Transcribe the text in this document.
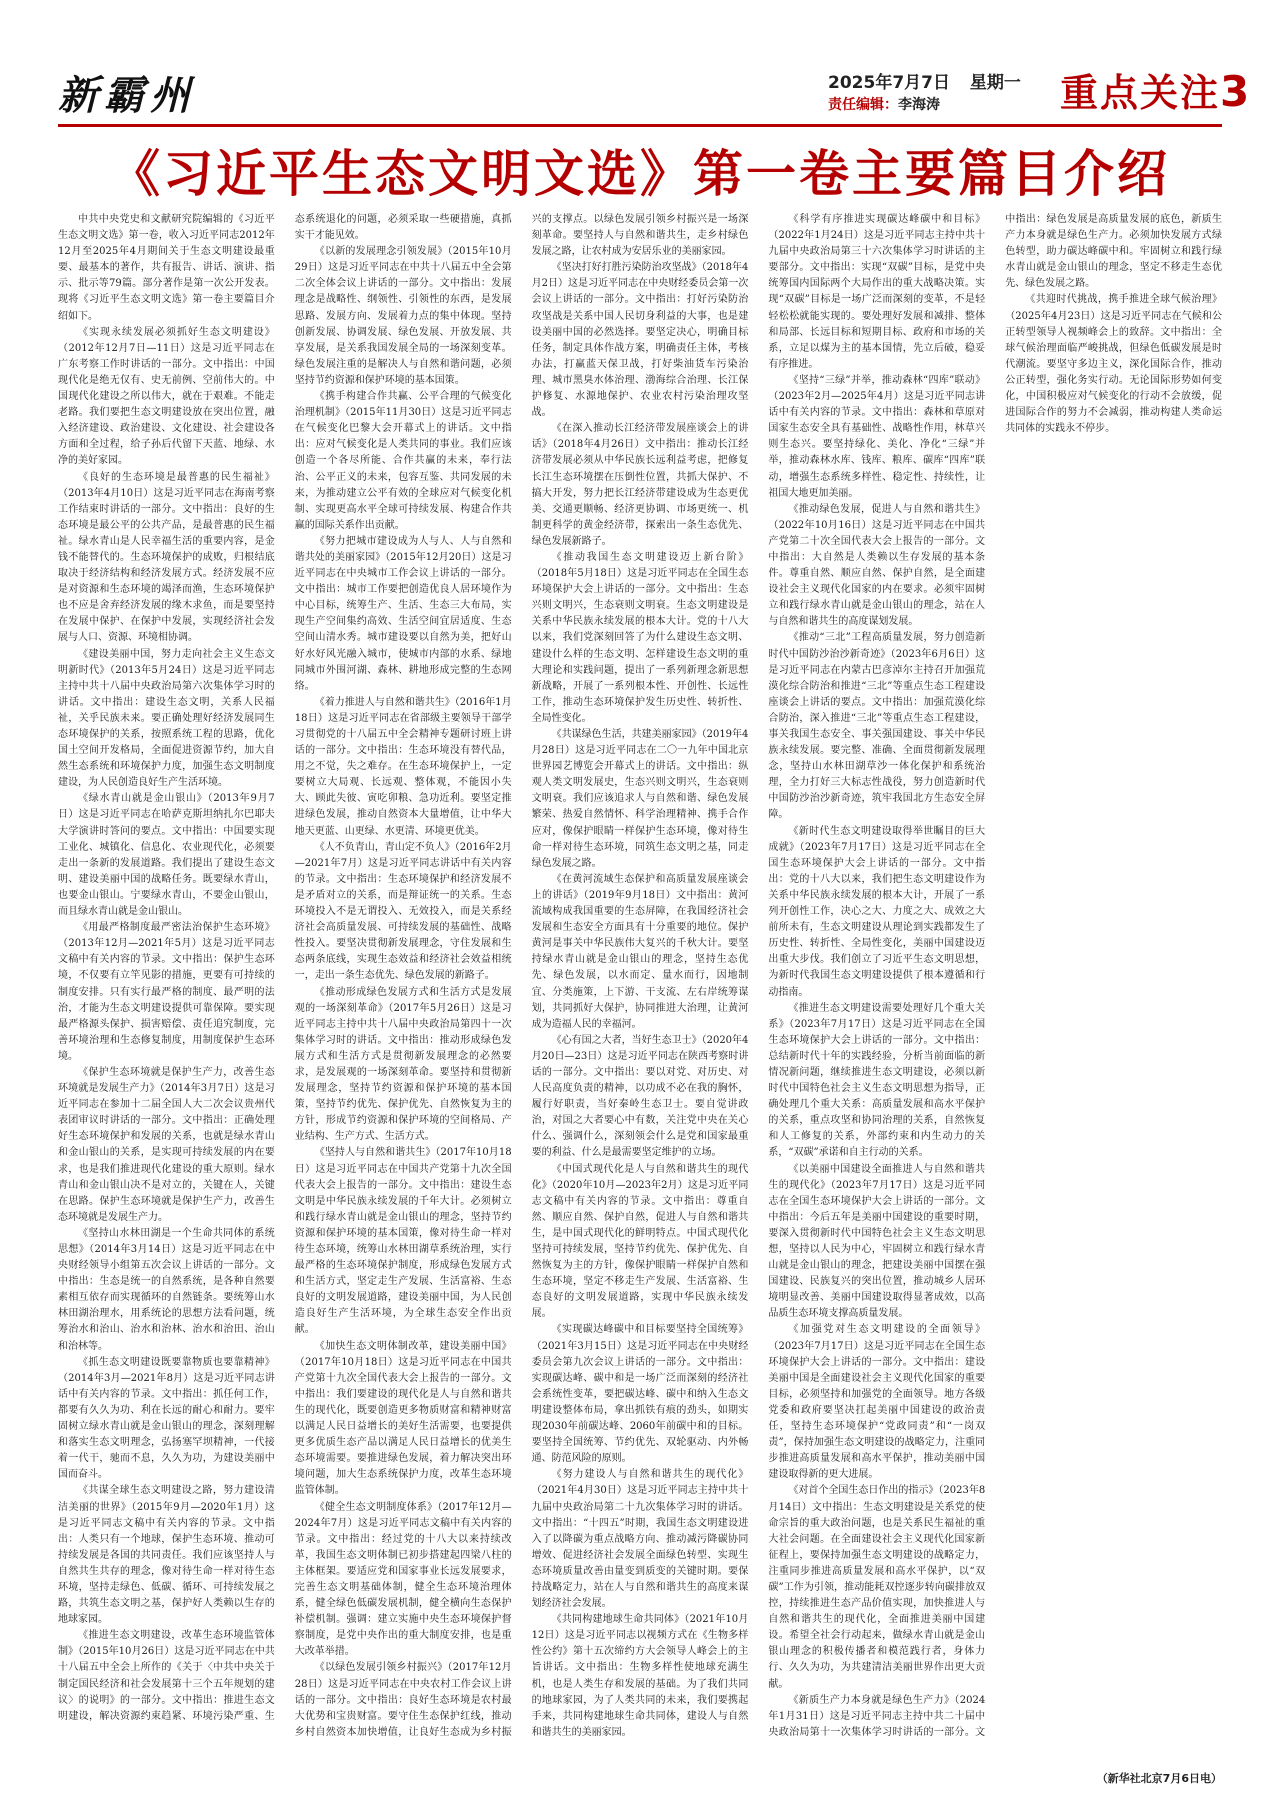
新霸州	2025年7月7日 星期一
责任编辑：李海涛	重点关注3
《习近平生态文明文选》第一卷主要篇目介绍

中共中央党史和文献研究院编辑的《习近平生态文明文选》第一卷，收入习近平同志2012年12月至2025年4月期间关于生态文明建设最重要、最基本的著作，共有报告、讲话、演讲、指示、批示等79篇。部分著作是第一次公开发表。现将《习近平生态文明文选》第一卷主要篇目介绍如下。

《实现永续发展必须抓好生态文明建设》（2012年12月7日—11日）这是习近平同志在广东考察工作时讲话的一部分。文中指出：中国现代化是绝无仅有、史无前例、空前伟大的。中国现代化建设之所以伟大，就在于艰难。不能走老路。我们要把生态文明建设放在突出位置，融入经济建设、政治建设、文化建设、社会建设各方面和全过程，给子孙后代留下天蓝、地绿、水净的美好家园。

《良好的生态环境是最普惠的民生福祉》（2013年4月10日）这是习近平同志在海南考察工作结束时讲话的一部分。文中指出：良好的生态环境是最公平的公共产品，是最普惠的民生福祉。绿水青山是人民幸福生活的重要内容，是金钱不能替代的。生态环境保护的成败，归根结底取决于经济结构和经济发展方式。经济发展不应是对资源和生态环境的竭泽而渔，生态环境保护也不应是舍弃经济发展的缘木求鱼，而是要坚持在发展中保护、在保护中发展，实现经济社会发展与人口、资源、环境相协调。

《建设美丽中国，努力走向社会主义生态文明新时代》（2013年5月24日）这是习近平同志主持中共十八届中央政治局第六次集体学习时的讲话。文中指出：建设生态文明，关系人民福祉，关乎民族未来。要正确处理好经济发展同生态环境保护的关系，按照系统工程的思路，优化国土空间开发格局，全面促进资源节约，加大自然生态系统和环境保护力度，加强生态文明制度建设，为人民创造良好生产生活环境。

《绿水青山就是金山银山》（2013年9月7日）这是习近平同志在哈萨克斯坦纳扎尔巴耶夫大学演讲时答问的要点。文中指出：中国要实现工业化、城镇化、信息化、农业现代化，必须要走出一条新的发展道路。我们提出了建设生态文明、建设美丽中国的战略任务。既要绿水青山，也要金山银山。宁要绿水青山，不要金山银山，而且绿水青山就是金山银山。

《用最严格制度最严密法治保护生态环境》（2013年12月—2021年5月）这是习近平同志文稿中有关内容的节录。文中指出：保护生态环境，不仅要有立竿见影的措施，更要有可持续的制度安排。只有实行最严格的制度、最严明的法治，才能为生态文明建设提供可靠保障。要实现最严格源头保护、损害赔偿、责任追究制度，完善环境治理和生态修复制度，用制度保护生态环境。

《保护生态环境就是保护生产力，改善生态环境就是发展生产力》（2014年3月7日）这是习近平同志在参加十二届全国人大二次会议贵州代表团审议时讲话的一部分。文中指出：正确处理好生态环境保护和发展的关系，也就是绿水青山和金山银山的关系，是实现可持续发展的内在要求，也是我们推进现代化建设的重大原则。绿水青山和金山银山决不是对立的，关键在人，关键在思路。保护生态环境就是保护生产力，改善生态环境就是发展生产力。

《坚持山水林田湖是一个生命共同体的系统思想》（2014年3月14日）这是习近平同志在中央财经领导小组第五次会议上讲话的一部分。文中指出：生态是统一的自然系统，是各种自然要素相互依存而实现循环的自然链条。要统筹山水林田湖治理水，用系统论的思想方法看问题，统筹治水和治山、治水和治林、治水和治田、治山和治林等。

《抓生态文明建设既要靠物质也要靠精神》（2014年3月—2021年8月）这是习近平同志讲话中有关内容的节录。文中指出：抓任何工作，都要有久久为功、利在长远的耐心和耐力。要牢固树立绿水青山就是金山银山的理念，深刻理解和落实生态文明理念，弘扬塞罕坝精神，一代接着一代干，驰而不息，久久为功，为建设美丽中国而奋斗。

《共谋全球生态文明建设之路，努力建设清洁美丽的世界》（2015年9月—2020年1月）这是习近平同志文稿中有关内容的节录。文中指出：人类只有一个地球，保护生态环境、推动可持续发展是各国的共同责任。我们应该坚持人与自然共生共存的理念，像对待生命一样对待生态环境，坚持走绿色、低碳、循环、可持续发展之路，共筑生态文明之基，保护好人类赖以生存的地球家园。

《推进生态文明建设，改革生态环境监管体制》（2015年10月26日）这是习近平同志在中共十八届五中全会上所作的《关于〈中共中央关于制定国民经济和社会发展第十三个五年规划的建议〉的说明》的一部分。文中指出：推进生态文明建设，解决资源约束趋紧、环境污染严重、生态系统退化的问题，必须采取一些硬措施，真抓实干才能见效。

《以新的发展理念引领发展》（2015年10月29日）这是习近平同志在中共十八届五中全会第二次全体会议上讲话的一部分。文中指出：发展理念是战略性、纲领性、引领性的东西，是发展思路、发展方向、发展着力点的集中体现。坚持创新发展、协调发展、绿色发展、开放发展、共享发展，是关系我国发展全局的一场深刻变革。绿色发展注重的是解决人与自然和谐问题，必须坚持节约资源和保护环境的基本国策。

《携手构建合作共赢、公平合理的气候变化治理机制》（2015年11月30日）这是习近平同志在气候变化巴黎大会开幕式上的讲话。文中指出：应对气候变化是人类共同的事业。我们应该创造一个各尽所能、合作共赢的未来，奉行法治、公平正义的未来，包容互鉴、共同发展的未来，为推动建立公平有效的全球应对气候变化机制、实现更高水平全球可持续发展、构建合作共赢的国际关系作出贡献。

《努力把城市建设成为人与人、人与自然和谐共处的美丽家园》（2015年12月20日）这是习近平同志在中央城市工作会议上讲话的一部分。文中指出：城市工作要把创造优良人居环境作为中心目标，统筹生产、生活、生态三大布局，实现生产空间集约高效、生活空间宜居适度、生态空间山清水秀。城市建设要以自然为美，把好山好水好风光融入城市，使城市内部的水系、绿地同城市外围河湖、森林、耕地形成完整的生态网络。

《着力推进人与自然和谐共生》（2016年1月18日）这是习近平同志在省部级主要领导干部学习贯彻党的十八届五中全会精神专题研讨班上讲话的一部分。文中指出：生态环境没有替代品，用之不觉，失之难存。在生态环境保护上，一定要树立大局观、长远观、整体观，不能因小失大、顾此失彼、寅吃卯粮、急功近利。要坚定推进绿色发展，推动自然资本大量增值，让中华大地天更蓝、山更绿、水更清、环境更优美。

《人不负青山，青山定不负人》（2016年2月—2021年7月）这是习近平同志讲话中有关内容的节录。文中指出：生态环境保护和经济发展不是矛盾对立的关系，而是辩证统一的关系。生态环境投入不是无谓投入、无效投入，而是关系经济社会高质量发展、可持续发展的基础性、战略性投入。要坚决贯彻新发展理念，守住发展和生态两条底线，实现生态效益和经济社会效益相统一，走出一条生态优先、绿色发展的新路子。

《推动形成绿色发展方式和生活方式是发展观的一场深刻革命》（2017年5月26日）这是习近平同志主持中共十八届中央政治局第四十一次集体学习时的讲话。文中指出：推动形成绿色发展方式和生活方式是贯彻新发展理念的必然要求，是发展观的一场深刻革命。要坚持和贯彻新发展理念，坚持节约资源和保护环境的基本国策，坚持节约优先、保护优先、自然恢复为主的方针，形成节约资源和保护环境的空间格局、产业结构、生产方式、生活方式。

《坚持人与自然和谐共生》（2017年10月18日）这是习近平同志在中国共产党第十九次全国代表大会上报告的一部分。文中指出：建设生态文明是中华民族永续发展的千年大计。必须树立和践行绿水青山就是金山银山的理念，坚持节约资源和保护环境的基本国策，像对待生命一样对待生态环境，统筹山水林田湖草系统治理，实行最严格的生态环境保护制度，形成绿色发展方式和生活方式，坚定走生产发展、生活富裕、生态良好的文明发展道路，建设美丽中国，为人民创造良好生产生活环境，为全球生态安全作出贡献。

《加快生态文明体制改革，建设美丽中国》（2017年10月18日）这是习近平同志在中国共产党第十九次全国代表大会上报告的一部分。文中指出：我们要建设的现代化是人与自然和谐共生的现代化，既要创造更多物质财富和精神财富以满足人民日益增长的美好生活需要，也要提供更多优质生态产品以满足人民日益增长的优美生态环境需要。要推进绿色发展，着力解决突出环境问题，加大生态系统保护力度，改革生态环境监管体制。

《健全生态文明制度体系》（2017年12月—2024年7月）这是习近平同志文稿中有关内容的节录。文中指出：经过党的十八大以来持续改革，我国生态文明体制已初步搭建起四梁八柱的主体框架。要适应党和国家事业长远发展要求，完善生态文明基础体制，健全生态环境治理体系，健全绿色低碳发展机制，健全横向生态保护补偿机制。强调：建立实施中央生态环境保护督察制度，是党中央作出的重大制度安排，也是重大改革举措。

《以绿色发展引领乡村振兴》（2017年12月28日）这是习近平同志在中央农村工作会议上讲话的一部分。文中指出：良好生态环境是农村最大优势和宝贵财富。要守住生态保护红线，推动乡村自然资本加快增值，让良好生态成为乡村振兴的支撑点。以绿色发展引领乡村振兴是一场深刻革命。要坚持人与自然和谐共生，走乡村绿色发展之路，让农村成为安居乐业的美丽家园。

《坚决打好打胜污染防治攻坚战》（2018年4月2日）这是习近平同志在中央财经委员会第一次会议上讲话的一部分。文中指出：打好污染防治攻坚战是关系中国人民切身利益的大事，也是建设美丽中国的必然选择。要坚定决心，明确目标任务，制定具体作战方案，明确责任主体，考核办法，打赢蓝天保卫战，打好柴油货车污染治理、城市黑臭水体治理、渤海综合治理、长江保护修复、水源地保护、农业农村污染治理攻坚战。

《在深入推动长江经济带发展座谈会上的讲话》（2018年4月26日）文中指出：推动长江经济带发展必须从中华民族长远利益考虑，把修复长江生态环境摆在压倒性位置，共抓大保护、不搞大开发，努力把长江经济带建设成为生态更优美、交通更顺畅、经济更协调、市场更统一、机制更科学的黄金经济带，探索出一条生态优先、绿色发展新路子。

《推动我国生态文明建设迈上新台阶》（2018年5月18日）这是习近平同志在全国生态环境保护大会上讲话的一部分。文中指出：生态兴则文明兴，生态衰则文明衰。生态文明建设是关系中华民族永续发展的根本大计。党的十八大以来，我们党深刻回答了为什么建设生态文明、建设什么样的生态文明、怎样建设生态文明的重大理论和实践问题，提出了一系列新理念新思想新战略，开展了一系列根本性、开创性、长远性工作，推动生态环境保护发生历史性、转折性、全局性变化。

《共谋绿色生活，共建美丽家园》（2019年4月28日）这是习近平同志在二〇一九年中国北京世界园艺博览会开幕式上的讲话。文中指出：纵观人类文明发展史，生态兴则文明兴，生态衰则文明衰。我们应该追求人与自然和谐、绿色发展繁荣、热爱自然情怀、科学治理精神、携手合作应对，像保护眼睛一样保护生态环境，像对待生命一样对待生态环境，同筑生态文明之基，同走绿色发展之路。

《在黄河流域生态保护和高质量发展座谈会上的讲话》（2019年9月18日）文中指出：黄河流域构成我国重要的生态屏障，在我国经济社会发展和生态安全方面具有十分重要的地位。保护黄河是事关中华民族伟大复兴的千秋大计。要坚持绿水青山就是金山银山的理念，坚持生态优先、绿色发展，以水而定、量水而行，因地制宜、分类施策，上下游、干支流、左右岸统筹谋划，共同抓好大保护，协同推进大治理，让黄河成为造福人民的幸福河。

《心有国之大者，当好生态卫士》（2020年4月20日—23日）这是习近平同志在陕西考察时讲话的一部分。文中指出：要以对党、对历史、对人民高度负责的精神，以功成不必在我的胸怀，履行好职责，当好秦岭生态卫士。要自觉讲政治，对国之大者要心中有数，关注党中央在关心什么、强调什么，深刻领会什么是党和国家最重要的利益、什么是最需要坚定维护的立场。

《中国式现代化是人与自然和谐共生的现代化》（2020年10月—2023年2月）这是习近平同志文稿中有关内容的节录。文中指出：尊重自然、顺应自然、保护自然，促进人与自然和谐共生，是中国式现代化的鲜明特点。中国式现代化坚持可持续发展，坚持节约优先、保护优先、自然恢复为主的方针，像保护眼睛一样保护自然和生态环境，坚定不移走生产发展、生活富裕、生态良好的文明发展道路，实现中华民族永续发展。

《实现碳达峰碳中和目标要坚持全国统筹》（2021年3月15日）这是习近平同志在中央财经委员会第九次会议上讲话的一部分。文中指出：实现碳达峰、碳中和是一场广泛而深刻的经济社会系统性变革，要把碳达峰、碳中和纳入生态文明建设整体布局，拿出抓铁有痕的劲头，如期实现2030年前碳达峰、2060年前碳中和的目标。要坚持全国统筹、节约优先、双轮驱动、内外畅通、防范风险的原则。

《努力建设人与自然和谐共生的现代化》（2021年4月30日）这是习近平同志主持中共十九届中央政治局第二十九次集体学习时的讲话。文中指出：“十四五”时期，我国生态文明建设进入了以降碳为重点战略方向、推动减污降碳协同增效、促进经济社会发展全面绿色转型、实现生态环境质量改善由量变到质变的关键时期。要保持战略定力，站在人与自然和谐共生的高度来谋划经济社会发展。

《共同构建地球生命共同体》（2021年10月12日）这是习近平同志以视频方式在《生物多样性公约》第十五次缔约方大会领导人峰会上的主旨讲话。文中指出：生物多样性使地球充满生机，也是人类生存和发展的基础。为了我们共同的地球家园，为了人类共同的未来，我们要携起手来，共同构建地球生命共同体，建设人与自然和谐共生的美丽家园。

《科学有序推进实现碳达峰碳中和目标》（2022年1月24日）这是习近平同志主持中共十九届中央政治局第三十六次集体学习时讲话的主要部分。文中指出：实现“双碳”目标，是党中央统筹国内国际两个大局作出的重大战略决策。实现“双碳”目标是一场广泛而深刻的变革，不是轻轻松松就能实现的。要处理好发展和减排、整体和局部、长远目标和短期目标、政府和市场的关系，立足以煤为主的基本国情，先立后破，稳妥有序推进。

《坚持“三绿”并举，推动森林“四库”联动》（2023年2月—2025年4月）这是习近平同志讲话中有关内容的节录。文中指出：森林和草原对国家生态安全具有基础性、战略性作用，林草兴则生态兴。要坚持绿化、美化、净化“三绿”并举，推动森林水库、钱库、粮库、碳库“四库”联动，增强生态系统多样性、稳定性、持续性，让祖国大地更加美丽。

《推动绿色发展，促进人与自然和谐共生》（2022年10月16日）这是习近平同志在中国共产党第二十次全国代表大会上报告的一部分。文中指出：大自然是人类赖以生存发展的基本条件。尊重自然、顺应自然、保护自然，是全面建设社会主义现代化国家的内在要求。必须牢固树立和践行绿水青山就是金山银山的理念，站在人与自然和谐共生的高度谋划发展。

《推动“三北”工程高质量发展，努力创造新时代中国防沙治沙新奇迹》（2023年6月6日）这是习近平同志在内蒙古巴彦淖尔主持召开加强荒漠化综合防治和推进“三北”等重点生态工程建设座谈会上讲话的要点。文中指出：加强荒漠化综合防治，深入推进“三北”等重点生态工程建设，事关我国生态安全、事关强国建设、事关中华民族永续发展。要完整、准确、全面贯彻新发展理念，坚持山水林田湖草沙一体化保护和系统治理，全力打好三大标志性战役，努力创造新时代中国防沙治沙新奇迹，筑牢我国北方生态安全屏障。

《新时代生态文明建设取得举世瞩目的巨大成就》（2023年7月17日）这是习近平同志在全国生态环境保护大会上讲话的一部分。文中指出：党的十八大以来，我们把生态文明建设作为关系中华民族永续发展的根本大计，开展了一系列开创性工作，决心之大、力度之大、成效之大前所未有，生态文明建设从理论到实践都发生了历史性、转折性、全局性变化，美丽中国建设迈出重大步伐。我们创立了习近平生态文明思想，为新时代我国生态文明建设提供了根本遵循和行动指南。

《推进生态文明建设需要处理好几个重大关系》（2023年7月17日）这是习近平同志在全国生态环境保护大会上讲话的一部分。文中指出：总结新时代十年的实践经验，分析当前面临的新情况新问题，继续推进生态文明建设，必须以新时代中国特色社会主义生态文明思想为指导，正确处理几个重大关系：高质量发展和高水平保护的关系，重点攻坚和协同治理的关系，自然恢复和人工修复的关系，外部约束和内生动力的关系，“双碳”承诺和自主行动的关系。

《以美丽中国建设全面推进人与自然和谐共生的现代化》（2023年7月17日）这是习近平同志在全国生态环境保护大会上讲话的一部分。文中指出：今后五年是美丽中国建设的重要时期，要深入贯彻新时代中国特色社会主义生态文明思想，坚持以人民为中心，牢固树立和践行绿水青山就是金山银山的理念，把建设美丽中国摆在强国建设、民族复兴的突出位置，推动城乡人居环境明显改善、美丽中国建设取得显著成效，以高品质生态环境支撑高质量发展。

《加强党对生态文明建设的全面领导》（2023年7月17日）这是习近平同志在全国生态环境保护大会上讲话的一部分。文中指出：建设美丽中国是全面建设社会主义现代化国家的重要目标，必须坚持和加强党的全面领导。地方各级党委和政府要坚决扛起美丽中国建设的政治责任，坚持生态环境保护“党政同责”和“一岗双责”，保持加强生态文明建设的战略定力，注重同步推进高质量发展和高水平保护，推动美丽中国建设取得新的更大进展。

《对首个全国生态日作出的指示》（2023年8月14日）文中指出：生态文明建设是关系党的使命宗旨的重大政治问题，也是关系民生福祉的重大社会问题。在全面建设社会主义现代化国家新征程上，要保持加强生态文明建设的战略定力，注重同步推进高质量发展和高水平保护，以“双碳”工作为引领，推动能耗双控逐步转向碳排放双控，持续推进生态产品价值实现，加快推进人与自然和谐共生的现代化，全面推进美丽中国建设。希望全社会行动起来，做绿水青山就是金山银山理念的积极传播者和模范践行者，身体力行、久久为功，为共建清洁美丽世界作出更大贡献。

《新质生产力本身就是绿色生产力》（2024年1月31日）这是习近平同志主持中共二十届中央政治局第十一次集体学习时讲话的一部分。文中指出：绿色发展是高质量发展的底色，新质生产力本身就是绿色生产力。必须加快发展方式绿色转型，助力碳达峰碳中和。牢固树立和践行绿水青山就是金山银山的理念，坚定不移走生态优先、绿色发展之路。

《共迎时代挑战，携手推进全球气候治理》（2025年4月23日）这是习近平同志在气候和公正转型领导人视频峰会上的致辞。文中指出：全球气候治理面临严峻挑战，但绿色低碳发展是时代潮流。要坚守多边主义，深化国际合作，推动公正转型，强化务实行动。无论国际形势如何变化，中国积极应对气候变化的行动不会放缓，促进国际合作的努力不会减弱，推动构建人类命运共同体的实践永不停步。

（新华社北京7月6日电）
